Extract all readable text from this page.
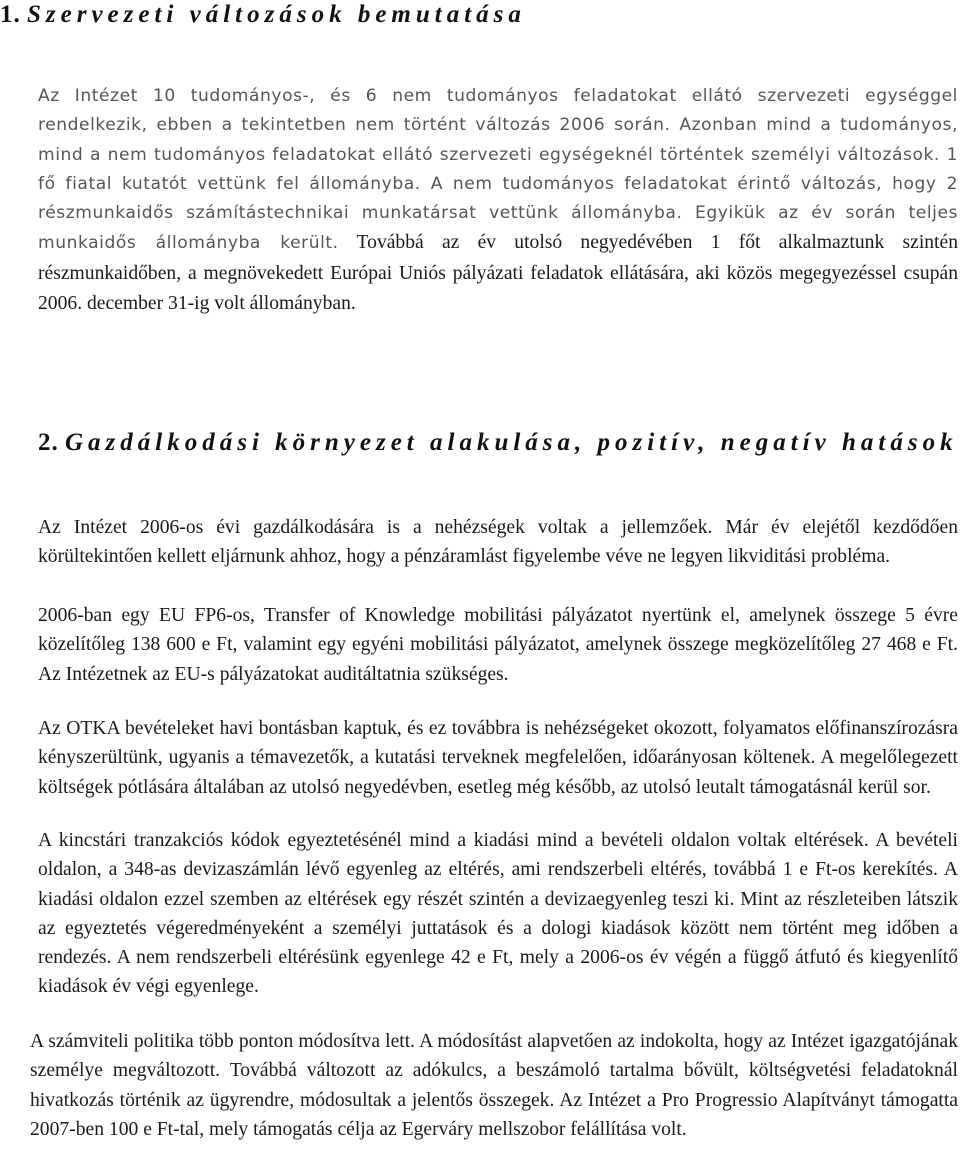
1. Szervezeti változások bemutatása

Az Intézet 10 tudományos-, és 6 nem tudományos feladatokat ellátó szervezeti egységgel rendelkezik, ebben a tekintetben nem történt változás 2006 során. Azonban mind a tudományos, mind a nem tudományos feladatokat ellátó szervezeti egységeknél történtek személyi változások. 1 fő fiatal kutatót vettünk fel állományba. A nem tudományos feladatokat érintő változás, hogy 2 részmunkaidős számítástechnikai munkatársat vettünk állományba. Egyikük az év során teljes munkaidős állományba került. Továbbá az év utolsó negyedévében 1 főt alkalmaztunk szintén részmunkaidőben, a megnövekedett Európai Uniós pályázati feladatok ellátására, aki közös megegyezéssel csupán 2006. december 31-ig volt állományban.

2. Gazdálkodási környezet alakulása, pozitív, negatív hatások

Az Intézet 2006-os évi gazdálkodására is a nehézségek voltak a jellemzőek. Már év elejétől kezdődően körültekintően kellett eljárnunk ahhoz, hogy a pénzáramlást figyelembe véve ne legyen likviditási probléma.

2006-ban egy EU FP6-os, Transfer of Knowledge mobilitási pályázatot nyertünk el, amelynek összege 5 évre közelítőleg 138 600 e Ft, valamint egy egyéni mobilitási pályázatot, amelynek összege megközelítőleg 27 468 e Ft. Az Intézetnek az EU-s pályázatokat auditáltatnia szükséges.

Az OTKA bevételeket havi bontásban kaptuk, és ez továbbra is nehézségeket okozott, folyamatos előfinanszírozásra kényszerültünk, ugyanis a témavezetők, a kutatási terveknek megfelelően, időarányosan költenek. A megelőlegezett költségek pótlására általában az utolsó negyedévben, esetleg még később, az utolsó leutalt támogatásnál kerül sor.

A kincstári tranzakciós kódok egyeztetésénél mind a kiadási mind a bevételi oldalon voltak eltérések. A bevételi oldalon, a 348-as devizaszámlán lévő egyenleg az eltérés, ami rendszerbeli eltérés, továbbá 1 e Ft-os kerekítés. A kiadási oldalon ezzel szemben az eltérések egy részét szintén a devizaegyenleg teszi ki. Mint az részleteiben látszik az egyeztetés végeredményeként a személyi juttatások és a dologi kiadások között nem történt meg időben a rendezés. A nem rendszerbeli eltérésünk egyenlege 42 e Ft, mely a 2006-os év végén a függő átfutó és kiegyenlítő kiadások év végi egyenlege.

A számviteli politika több ponton módosítva lett. A módosítást alapvetően az indokolta, hogy az Intézet igazgatójának személye megváltozott. Továbbá változott az adókulcs, a beszámoló tartalma bővült, költségvetési feladatoknál hivatkozás történik az ügyrendre, módosultak a jelentős összegek. Az Intézet a Pro Progressio Alapítványt támogatta 2007-ben 100 e Ft-tal, mely támogatás célja az Egerváry mellszobor felállítása volt.
